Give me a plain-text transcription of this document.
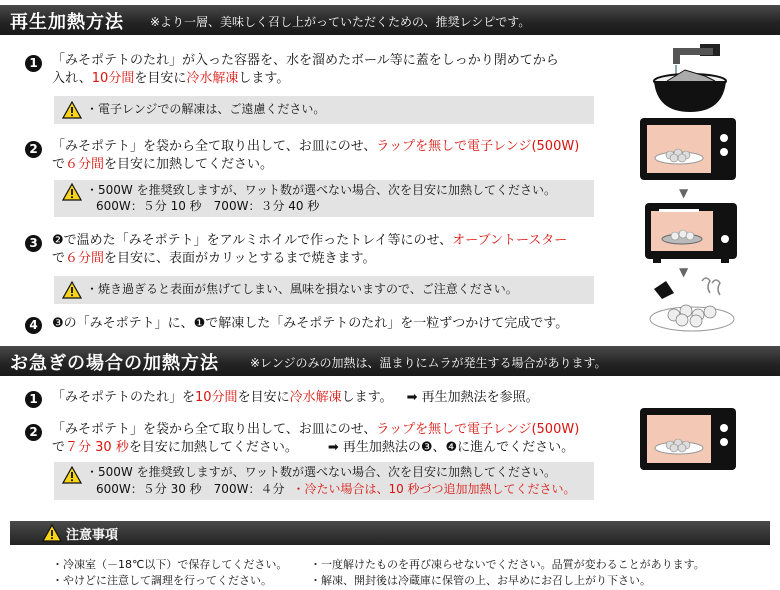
再生加熱方法 ※より一層、美味しく召し上がっていただくための、推奨レシピです。
1	「みそポテトのたれ」が入った容器を、水を溜めたボール等に蓋をしっかり閉めてから
入れ、10分間を目安に冷水解凍します。
・電子レンジでの解凍は、ご遠慮ください。
2	「みそポテト」を袋から全て取り出して、お皿にのせ、ラップを無しで電子レンジ(500W)
で６分間を目安に加熱してください。
・500W を推奨致しますが、ワット数が選べない場合、次を目安に加熱してください。
600W：５分 10 秒　700W：３分 40 秒
3	❷で温めた「みそポテト」をアルミホイルで作ったトレイ等にのせ、オーブントースター
で６分間を目安に、表面がカリッとするまで焼きます。
・焼き過ぎると表面が焦げてしまい、風味を損ないますので、ご注意ください。
4	❸の「みそポテト」に、❶で解凍した「みそポテトのたれ」を一粒ずつかけて完成です。
▼
▼
お急ぎの場合の加熱方法	※レンジのみの加熱は、温まりにムラが発生する場合があります。
1	「みそポテトのたれ」を10分間を目安に冷水解凍します。 ➡ 再生加熱法を参照。
2	「みそポテト」を袋から全て取り出して、お皿にのせ、ラップを無しで電子レンジ(500W)
で７分 30 秒を目安に加熱してください。 ➡ 再生加熱法の❸、❹に進んでください。
・500W を推奨致しますが、ワット数が選べない場合、次を目安に加熱してください。
600W：５分 30 秒　700W：４分 ・冷たい場合は、10 秒づつ追加加熱してください。
注意事項
・冷凍室（－18℃以下）で保存してください。 ・一度解けたものを再び凍らせないでください。品質が変わることがあります。
・やけどに注意して調理を行ってください。	・解凍、開封後は冷蔵庫に保管の上、お早めにお召し上がり下さい。
